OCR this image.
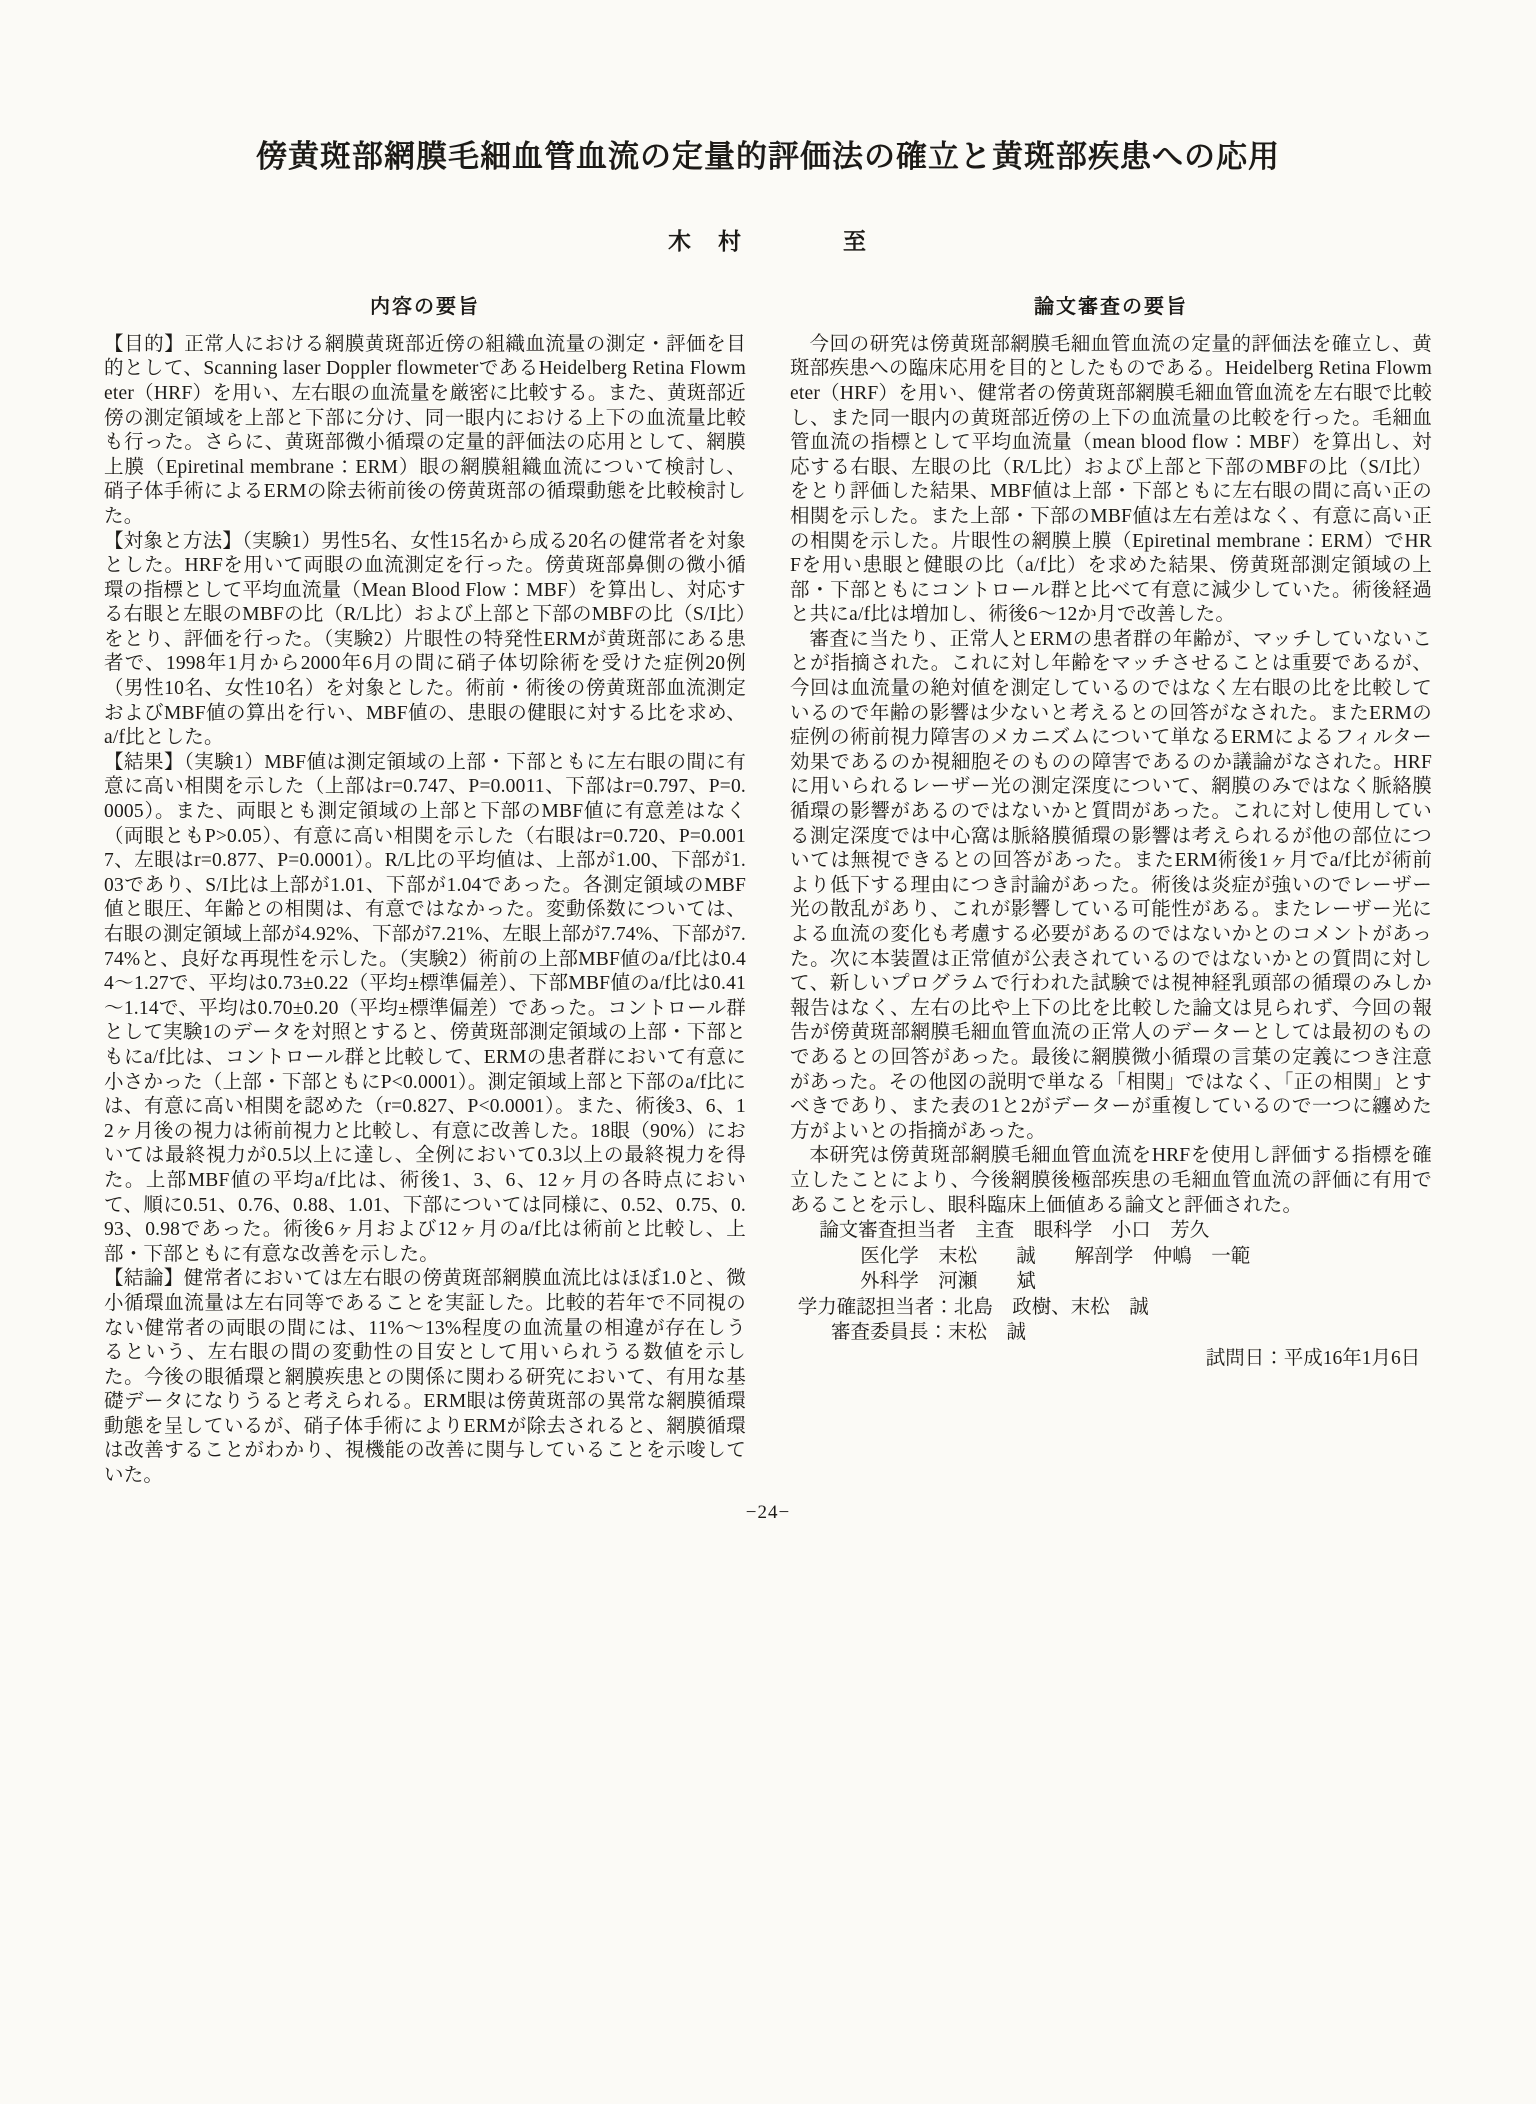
傍黄斑部網膜毛細血管血流の定量的評価法の確立と黄斑部疾患への応用
木　村　　　　至
内容の要旨

【目的】正常人における網膜黄斑部近傍の組織血流量の測定・評価を目的として、Scanning laser Doppler flowmeterであるHeidelberg Retina Flowmeter（HRF）を用い、左右眼の血流量を厳密に比較する。また、黄斑部近傍の測定領域を上部と下部に分け、同一眼内における上下の血流量比較も行った。さらに、黄斑部微小循環の定量的評価法の応用として、網膜上膜（Epiretinal membrane：ERM）眼の網膜組織血流について検討し、硝子体手術によるERMの除去術前後の傍黄斑部の循環動態を比較検討した。

【対象と方法】（実験1）男性5名、女性15名から成る20名の健常者を対象とした。HRFを用いて両眼の血流測定を行った。傍黄斑部鼻側の微小循環の指標として平均血流量（Mean Blood Flow：MBF）を算出し、対応する右眼と左眼のMBFの比（R/L比）および上部と下部のMBFの比（S/I比）をとり、評価を行った。（実験2）片眼性の特発性ERMが黄斑部にある患者で、1998年1月から2000年6月の間に硝子体切除術を受けた症例20例（男性10名、女性10名）を対象とした。術前・術後の傍黄斑部血流測定およびMBF値の算出を行い、MBF値の、患眼の健眼に対する比を求め、a/f比とした。

【結果】（実験1）MBF値は測定領域の上部・下部ともに左右眼の間に有意に高い相関を示した（上部はr=0.747、P=0.0011、下部はr=0.797、P=0.0005）。また、両眼とも測定領域の上部と下部のMBF値に有意差はなく（両眼ともP>0.05）、有意に高い相関を示した（右眼はr=0.720、P=0.0017、左眼はr=0.877、P=0.0001）。R/L比の平均値は、上部が1.00、下部が1.03であり、S/I比は上部が1.01、下部が1.04であった。各測定領域のMBF値と眼圧、年齢との相関は、有意ではなかった。変動係数については、右眼の測定領域上部が4.92%、下部が7.21%、左眼上部が7.74%、下部が7.74%と、良好な再現性を示した。（実験2）術前の上部MBF値のa/f比は0.44～1.27で、平均は0.73±0.22（平均±標準偏差）、下部MBF値のa/f比は0.41～1.14で、平均は0.70±0.20（平均±標準偏差）であった。コントロール群として実験1のデータを対照とすると、傍黄斑部測定領域の上部・下部ともにa/f比は、コントロール群と比較して、ERMの患者群において有意に小さかった（上部・下部ともにP<0.0001）。測定領域上部と下部のa/f比には、有意に高い相関を認めた（r=0.827、P<0.0001）。また、術後3、6、12ヶ月後の視力は術前視力と比較し、有意に改善した。18眼（90%）においては最終視力が0.5以上に達し、全例において0.3以上の最終視力を得た。上部MBF値の平均a/f比は、術後1、3、6、12ヶ月の各時点において、順に0.51、0.76、0.88、1.01、下部については同様に、0.52、0.75、0.93、0.98であった。術後6ヶ月および12ヶ月のa/f比は術前と比較し、上部・下部ともに有意な改善を示した。

【結論】健常者においては左右眼の傍黄斑部網膜血流比はほぼ1.0と、微小循環血流量は左右同等であることを実証した。比較的若年で不同視のない健常者の両眼の間には、11%～13%程度の血流量の相違が存在しうるという、左右眼の間の変動性の目安として用いられうる数値を示した。今後の眼循環と網膜疾患との関係に関わる研究において、有用な基礎データになりうると考えられる。ERM眼は傍黄斑部の異常な網膜循環動態を呈しているが、硝子体手術によりERMが除去されると、網膜循環は改善することがわかり、視機能の改善に関与していることを示唆していた。

論文審査の要旨

今回の研究は傍黄斑部網膜毛細血管血流の定量的評価法を確立し、黄斑部疾患への臨床応用を目的としたものである。Heidelberg Retina Flowmeter（HRF）を用い、健常者の傍黄斑部網膜毛細血管血流を左右眼で比較し、また同一眼内の黄斑部近傍の上下の血流量の比較を行った。毛細血管血流の指標として平均血流量（mean blood flow：MBF）を算出し、対応する右眼、左眼の比（R/L比）および上部と下部のMBFの比（S/I比）をとり評価した結果、MBF値は上部・下部ともに左右眼の間に高い正の相関を示した。また上部・下部のMBF値は左右差はなく、有意に高い正の相関を示した。片眼性の網膜上膜（Epiretinal membrane：ERM）でHRFを用い患眼と健眼の比（a/f比）を求めた結果、傍黄斑部測定領域の上部・下部ともにコントロール群と比べて有意に減少していた。術後経過と共にa/f比は増加し、術後6～12か月で改善した。

審査に当たり、正常人とERMの患者群の年齢が、マッチしていないことが指摘された。これに対し年齢をマッチさせることは重要であるが、今回は血流量の絶対値を測定しているのではなく左右眼の比を比較しているので年齢の影響は少ないと考えるとの回答がなされた。またERMの症例の術前視力障害のメカニズムについて単なるERMによるフィルター効果であるのか視細胞そのものの障害であるのか議論がなされた。HRFに用いられるレーザー光の測定深度について、網膜のみではなく脈絡膜循環の影響があるのではないかと質問があった。これに対し使用している測定深度では中心窩は脈絡膜循環の影響は考えられるが他の部位については無視できるとの回答があった。またERM術後1ヶ月でa/f比が術前より低下する理由につき討論があった。術後は炎症が強いのでレーザー光の散乱があり、これが影響している可能性がある。またレーザー光による血流の変化も考慮する必要があるのではないかとのコメントがあった。次に本装置は正常値が公表されているのではないかとの質問に対して、新しいプログラムで行われた試験では視神経乳頭部の循環のみしか報告はなく、左右の比や上下の比を比較した論文は見られず、今回の報告が傍黄斑部網膜毛細血管血流の正常人のデーターとしては最初のものであるとの回答があった。最後に網膜微小循環の言葉の定義につき注意があった。その他図の説明で単なる「相関」ではなく、「正の相関」とすべきであり、また表の1と2がデーターが重複しているので一つに纏めた方がよいとの指摘があった。

本研究は傍黄斑部網膜毛細血管血流をHRFを使用し評価する指標を確立したことにより、今後網膜後極部疾患の毛細血管血流の評価に有用であることを示し、眼科臨床上価値ある論文と評価された。

論文審査担当者　主査　眼科学　小口　芳久
医化学　末松　　誠　　解剖学　仲嶋　一範
外科学　河瀬　　斌
学力確認担当者：北島　政樹、末松　誠
審査委員長：末松　誠
試問日：平成16年1月6日
−24−
